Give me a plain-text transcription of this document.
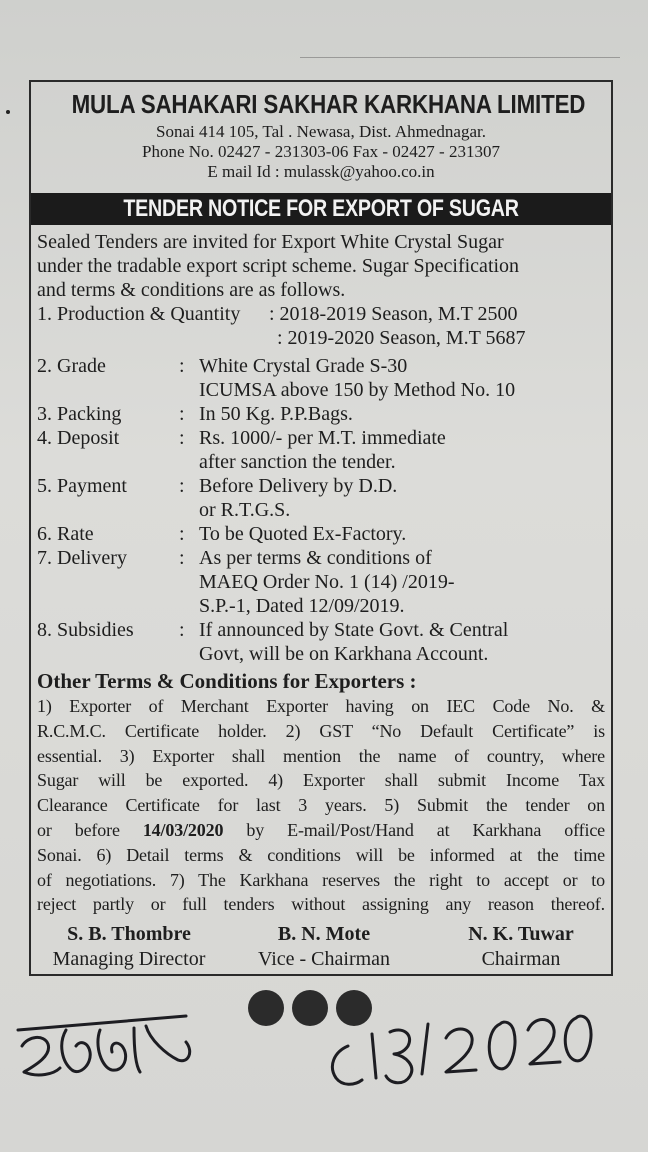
MULA SAHAKARI SAKHAR KARKHANA LIMITED
Sonai 414 105, Tal . Newasa, Dist. Ahmednagar.
Phone No. 02427 - 231303-06 Fax - 02427 - 231307
E mail Id : mulassk@yahoo.co.in
TENDER NOTICE FOR EXPORT OF SUGAR
Sealed Tenders are invited for Export White Crystal Sugar
under the tradable export script scheme. Sugar Specification
and terms & conditions are as follows.
1. Production & Quantity	: 2018-2019 Season, M.T 2500
: 2019-2020 Season, M.T 5687
2. Grade	: White Crystal Grade S-30
ICUMSA above 150 by Method No. 10
3. Packing	: In 50 Kg. P.P.Bags.
4. Deposit	: Rs. 1000/- per M.T. immediate
after sanction the tender.
5. Payment	: Before Delivery by D.D.
or R.T.G.S.
6. Rate	: To be Quoted Ex-Factory.
7. Delivery	: As per terms & conditions of
MAEQ Order No. 1 (14) /2019-
S.P.-1, Dated 12/09/2019.
8. Subsidies : If announced by State Govt. & Central
Govt, will be on Karkhana Account.
Other Terms & Conditions for Exporters :
1) Exporter of Merchant Exporter having on IEC Code No. &
R.C.M.C. Certificate holder. 2) GST “No Default Certificate” is
essential. 3) Exporter shall mention the name of country, where
Sugar will be exported. 4) Exporter shall submit Income Tax
Clearance Certificate for last 3 years. 5) Submit the tender on
or before 14/03/2020 by E-mail/Post/Hand at Karkhana office
Sonai. 6) Detail terms & conditions will be informed at the time
of negotiations. 7) The Karkhana reserves the right to accept or to
reject partly or full tenders without assigning any reason thereof.
S. B. Thombre
Managing Director
B. N. Mote
Vice - Chairman
N. K. Tuwar
Chairman
